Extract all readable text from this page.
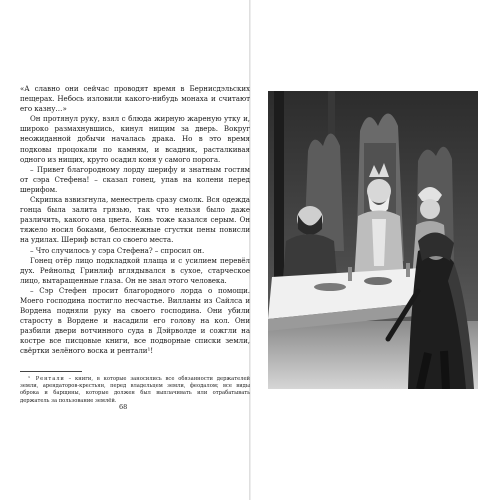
«А славно они сейчас проводят время в Бернисдэльских пещерах. Небось изловили какого-нибудь монаха и считают его казну…»

Он протянул руку, взял с блюда жирную жареную утку и, широко размахнувшись, кинул нищим за дверь. Вокруг неожиданной добычи началась драка. Но в это время подковы процокали по камням, и всадник, расталкивая одного из нищих, круто осадил коня у самого порога.

– Привет благородному лорду шерифу и знатным гостям от сэра Стефена! – сказал гонец, упав на колени перед шерифом.

Скрипка взвизгнула, менестрель сразу смолк. Вся одежда гонца была залита грязью, так что нельзя было даже различить, какого она цвета. Конь тоже казался серым. Он тяжело носил боками, белоснежные сгустки пены повисли на удилах. Шериф встал со своего места.

– Что случилось у сэра Стефена? – спросил он.

Гонец отёр лицо подкладкой плаща и с усилием перевёл дух. Рейнольд Гринлиф вглядывался в сухое, старческое лицо, вытаращенные глаза. Он не знал этого человека.

– Сэр Стефен просит благородного лорда о помощи. Моего господина постигло несчастье. Вилланы из Сайлса и Вордена подняли руку на своего господина. Они убили старосту в Вордене и насадили его голову на кол. Они разбили двери вотчинного суда в Дэйрволде и сожгли на костре все писцовые книги, все подворные списки земли, свёртки зелёного воска и рентали¹!

¹ Рентали – книги, в которые заносились все обязанности держателей земли, арендаторов-крестьян, перед владельцем земли, феодалом; все виды оброка и барщины, которые должен был выплачивать или отрабатывать держатель за пользование землёй.

68
